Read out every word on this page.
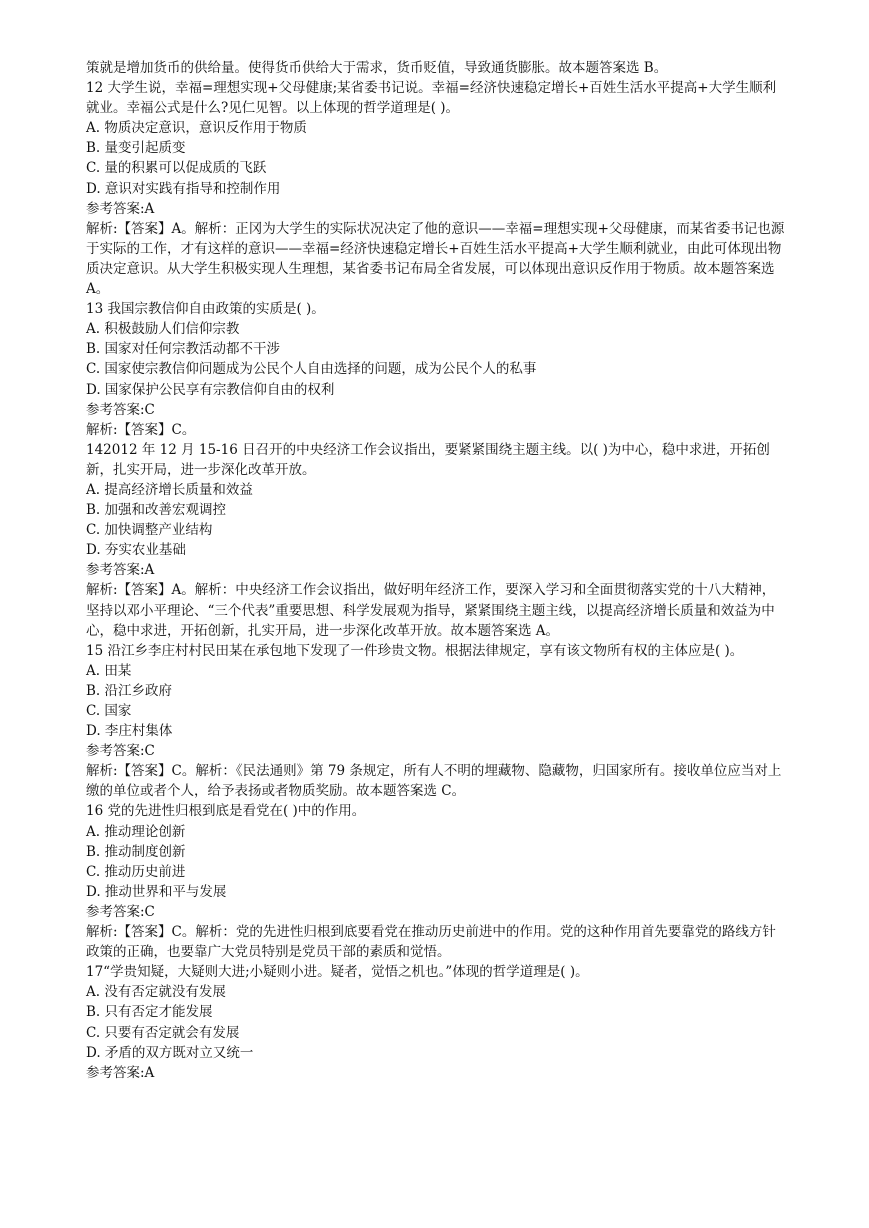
策就是增加货币的供给量。使得货币供给大于需求，货币贬值，导致通货膨胀。故本题答案选 B。
12 大学生说，幸福=理想实现+父母健康;某省委书记说。幸福=经济快速稳定增长+百姓生活水平提高+大学生顺利就业。幸福公式是什么?见仁见智。以上体现的哲学道理是( )。
A. 物质决定意识，意识反作用于物质
B. 量变引起质变
C. 量的积累可以促成质的飞跃
D. 意识对实践有指导和控制作用
参考答案:A
解析:【答案】A。解析：正冈为大学生的实际状况决定了他的意识——幸福=理想实现+父母健康，而某省委书记也源于实际的工作，才有这样的意识——幸福=经济快速稳定增长+百姓生活水平提高+大学生顺利就业，由此可体现出物质决定意识。从大学生积极实现人生理想，某省委书记布局全省发展，可以体现出意识反作用于物质。故本题答案选 A。
13 我国宗教信仰自由政策的实质是( )。
A. 积极鼓励人们信仰宗教
B. 国家对任何宗教活动都不干涉
C. 国家使宗教信仰问题成为公民个人自由选择的问题，成为公民个人的私事
D. 国家保护公民享有宗教信仰自由的权利
参考答案:C
解析:【答案】C。
142012 年 12 月 15-16 日召开的中央经济工作会议指出，要紧紧围绕主题主线。以( )为中心，稳中求进，开拓创新，扎实开局，进一步深化改革开放。
A. 提高经济增长质量和效益
B. 加强和改善宏观调控
C. 加快调整产业结构
D. 夯实农业基础
参考答案:A
解析:【答案】A。解析：中央经济工作会议指出，做好明年经济工作，要深入学习和全面贯彻落实党的十八大精神，坚持以邓小平理论、“三个代表”重要思想、科学发展观为指导，紧紧围绕主题主线，以提高经济增长质量和效益为中心，稳中求进，开拓创新，扎实开局，进一步深化改革开放。故本题答案选 A。
15 沿江乡李庄村村民田某在承包地下发现了一件珍贵文物。根据法律规定，享有该文物所有权的主体应是( )。
A. 田某
B. 沿江乡政府
C. 国家
D. 李庄村集体
参考答案:C
解析:【答案】C。解析：《民法通则》第 79 条规定，所有人不明的埋藏物、隐藏物，归国家所有。接收单位应当对上缴的单位或者个人，给予表扬或者物质奖励。故本题答案选 C。
16 党的先进性归根到底是看党在( )中的作用。
A. 推动理论创新
B. 推动制度创新
C. 推动历史前进
D. 推动世界和平与发展
参考答案:C
解析:【答案】C。解析：党的先进性归根到底要看党在推动历史前进中的作用。党的这种作用首先要靠党的路线方针政策的正确，也要靠广大党员特别是党员干部的素质和觉悟。
17“学贵知疑，大疑则大进;小疑则小进。疑者，觉悟之机也。”体现的哲学道理是( )。
A. 没有否定就没有发展
B. 只有否定才能发展
C. 只要有否定就会有发展
D. 矛盾的双方既对立又统一
参考答案:A
